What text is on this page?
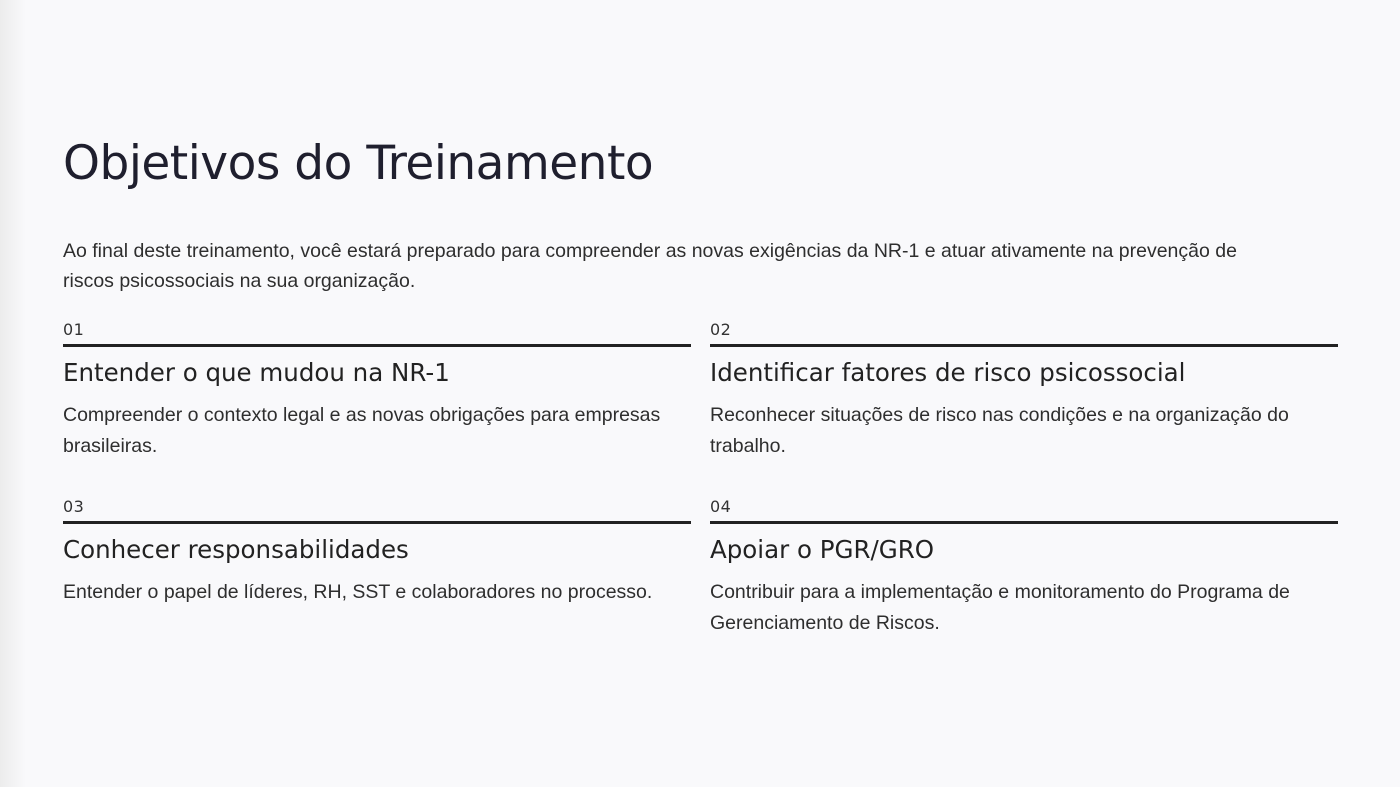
Objetivos do Treinamento

Ao final deste treinamento, você estará preparado para compreender as novas exigências da NR-1 e atuar ativamente na prevenção de riscos psicossociais na sua organização.

01
Entender o que mudou na NR-1

Compreender o contexto legal e as novas obrigações para empresas brasileiras.

02
Identificar fatores de risco psicossocial

Reconhecer situações de risco nas condições e na organização do trabalho.

03
Conhecer responsabilidades

Entender o papel de líderes, RH, SST e colaboradores no processo.

04
Apoiar o PGR/GRO

Contribuir para a implementação e monitoramento do Programa de Gerenciamento de Riscos.
